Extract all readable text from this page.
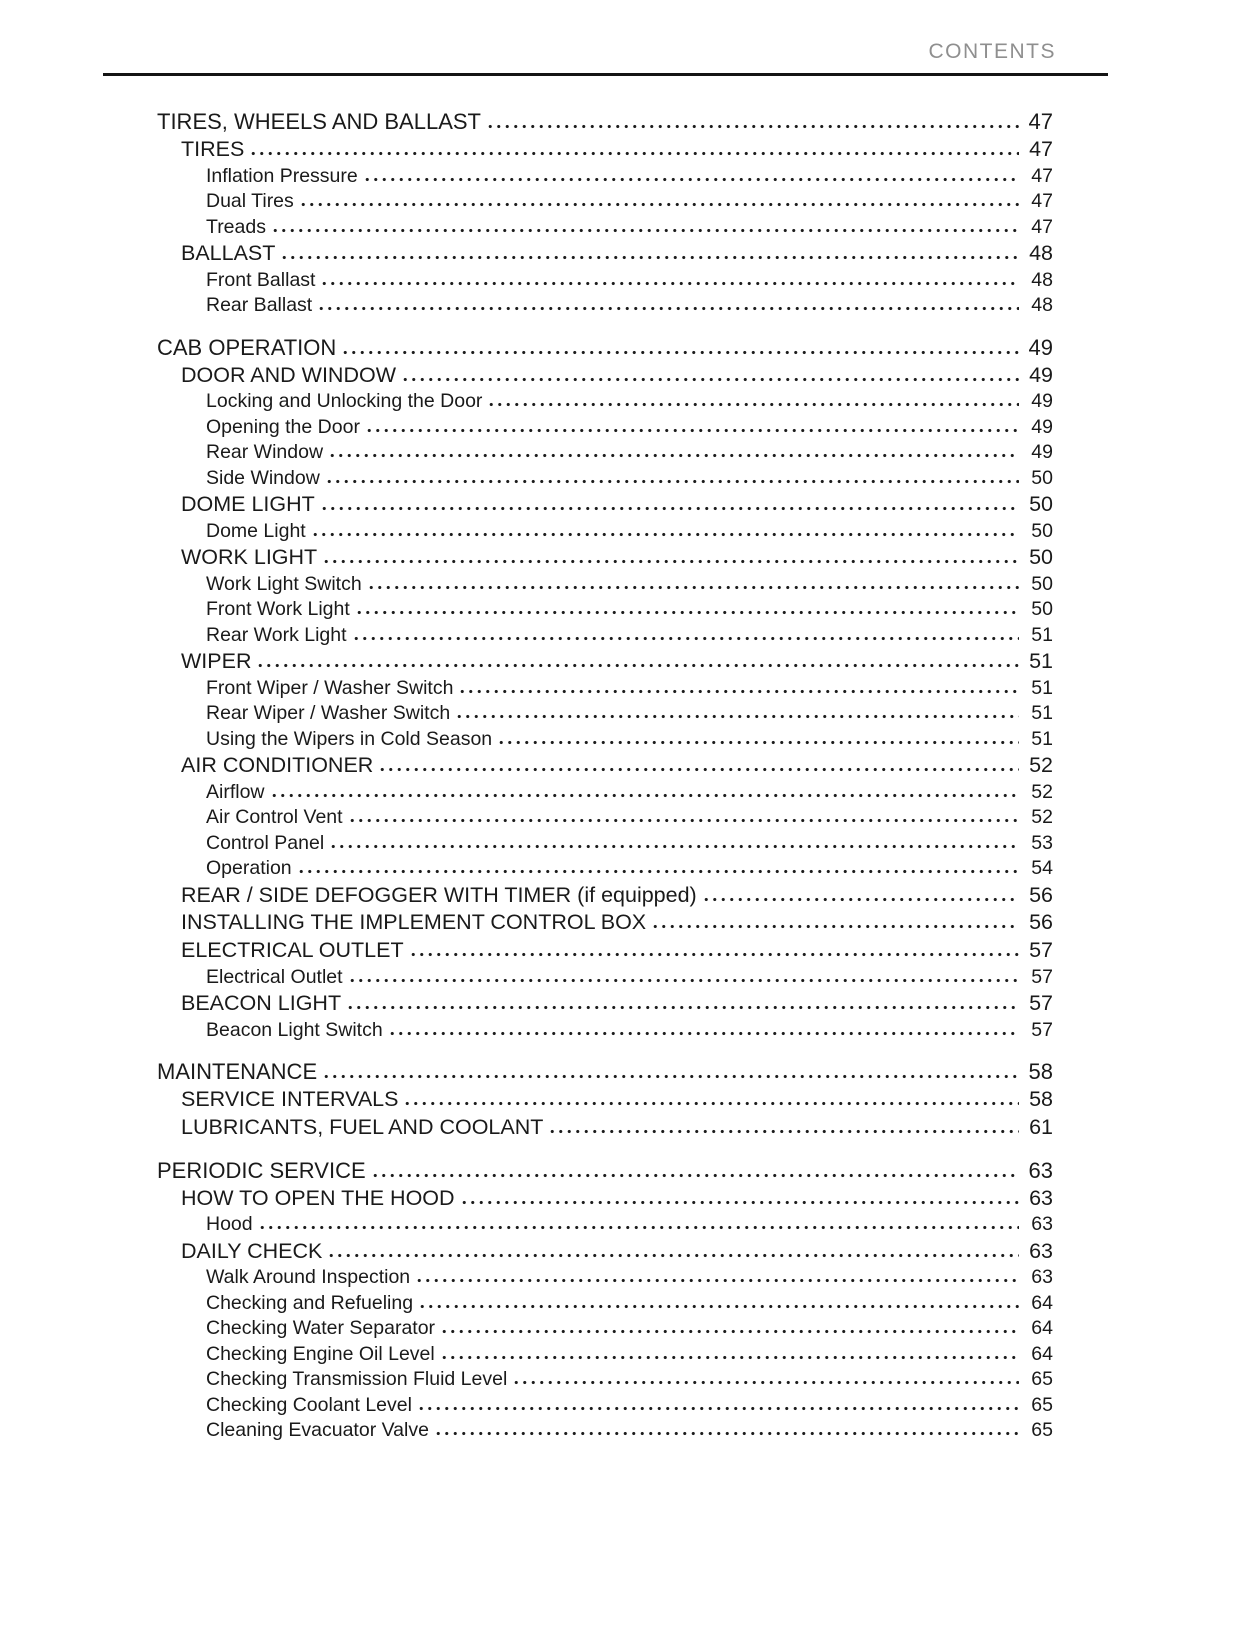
CONTENTS
TIRES, WHEELS AND BALLAST	47
TIRES	47
Inflation Pressure	47
Dual Tires	47
Treads	47
BALLAST	48
Front Ballast	48
Rear Ballast	48
CAB OPERATION	49
DOOR AND WINDOW	49
Locking and Unlocking the Door	49
Opening the Door	49
Rear Window	49
Side Window	50
DOME LIGHT	50
Dome Light	50
WORK LIGHT	50
Work Light Switch	50
Front Work Light	50
Rear Work Light	51
WIPER	51
Front Wiper / Washer Switch	51
Rear Wiper / Washer Switch	51
Using the Wipers in Cold Season	51
AIR CONDITIONER	52
Airflow	52
Air Control Vent	52
Control Panel	53
Operation	54
REAR / SIDE DEFOGGER WITH TIMER (if equipped)	56
INSTALLING THE IMPLEMENT CONTROL BOX	56
ELECTRICAL OUTLET	57
Electrical Outlet	57
BEACON LIGHT	57
Beacon Light Switch	57
MAINTENANCE	58
SERVICE INTERVALS	58
LUBRICANTS, FUEL AND COOLANT	61
PERIODIC SERVICE	63
HOW TO OPEN THE HOOD	63
Hood	63
DAILY CHECK	63
Walk Around Inspection	63
Checking and Refueling	64
Checking Water Separator	64
Checking Engine Oil Level	64
Checking Transmission Fluid Level	65
Checking Coolant Level	65
Cleaning Evacuator Valve	65
